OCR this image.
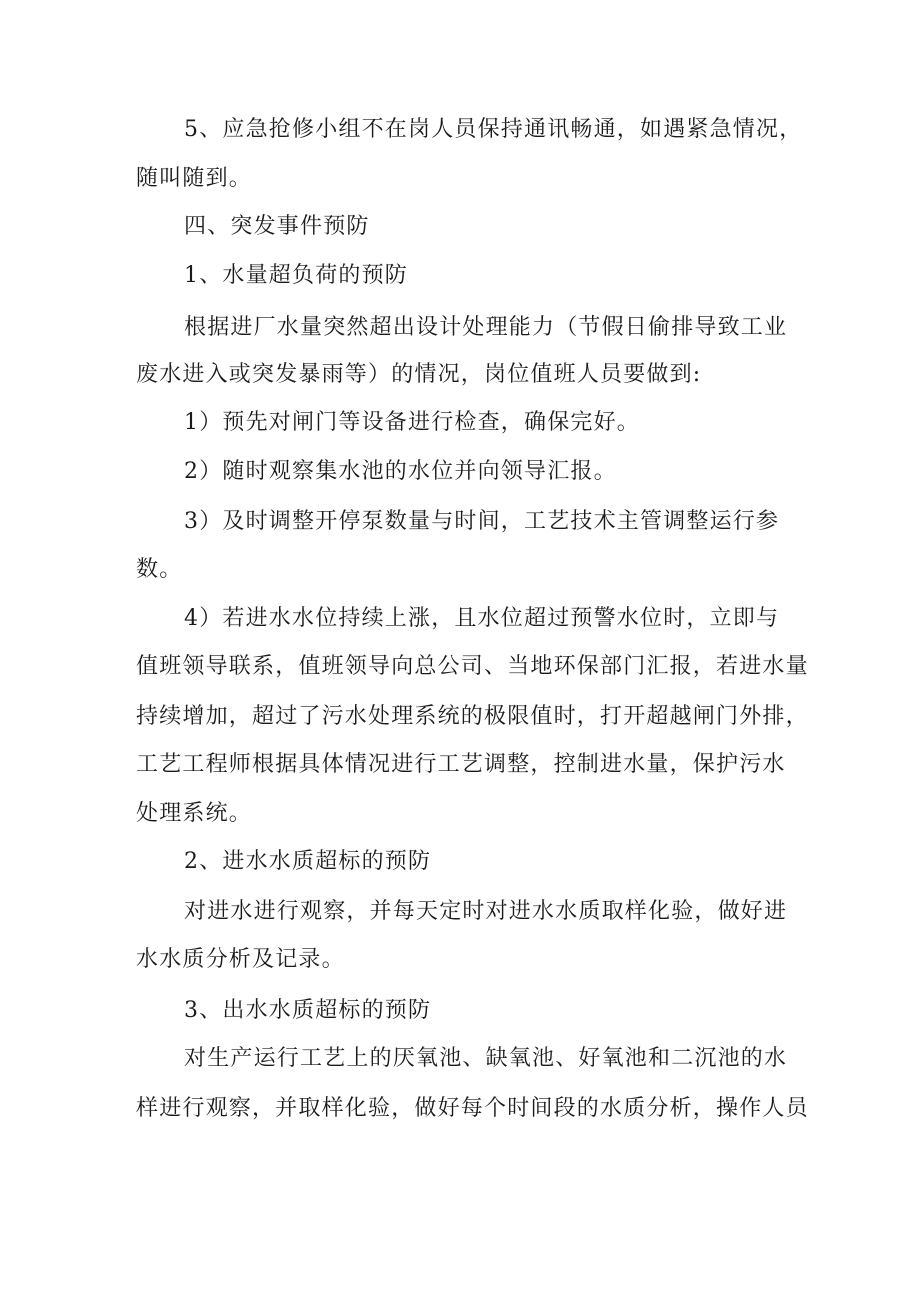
5、应急抢修小组不在岗人员保持通讯畅通，如遇紧急情况，
随叫随到。
四、突发事件预防
1、水量超负荷的预防
根据进厂水量突然超出设计处理能力（节假日偷排导致工业
废水进入或突发暴雨等）的情况，岗位值班人员要做到:
1）预先对闸门等设备进行检查，确保完好。
2）随时观察集水池的水位并向领导汇报。
3）及时调整开停泵数量与时间，工艺技术主管调整运行参
数。
4）若进水水位持续上涨，且水位超过预警水位时，立即与
值班领导联系，值班领导向总公司、当地环保部门汇报，若进水量
持续增加，超过了污水处理系统的极限值时，打开超越闸门外排，
工艺工程师根据具体情况进行工艺调整，控制进水量，保护污水
处理系统。
2、进水水质超标的预防
对进水进行观察，并每天定时对进水水质取样化验，做好进
水水质分析及记录。
3、出水水质超标的预防
对生产运行工艺上的厌氧池、缺氧池、好氧池和二沉池的水
样进行观察，并取样化验，做好每个时间段的水质分析，操作人员
